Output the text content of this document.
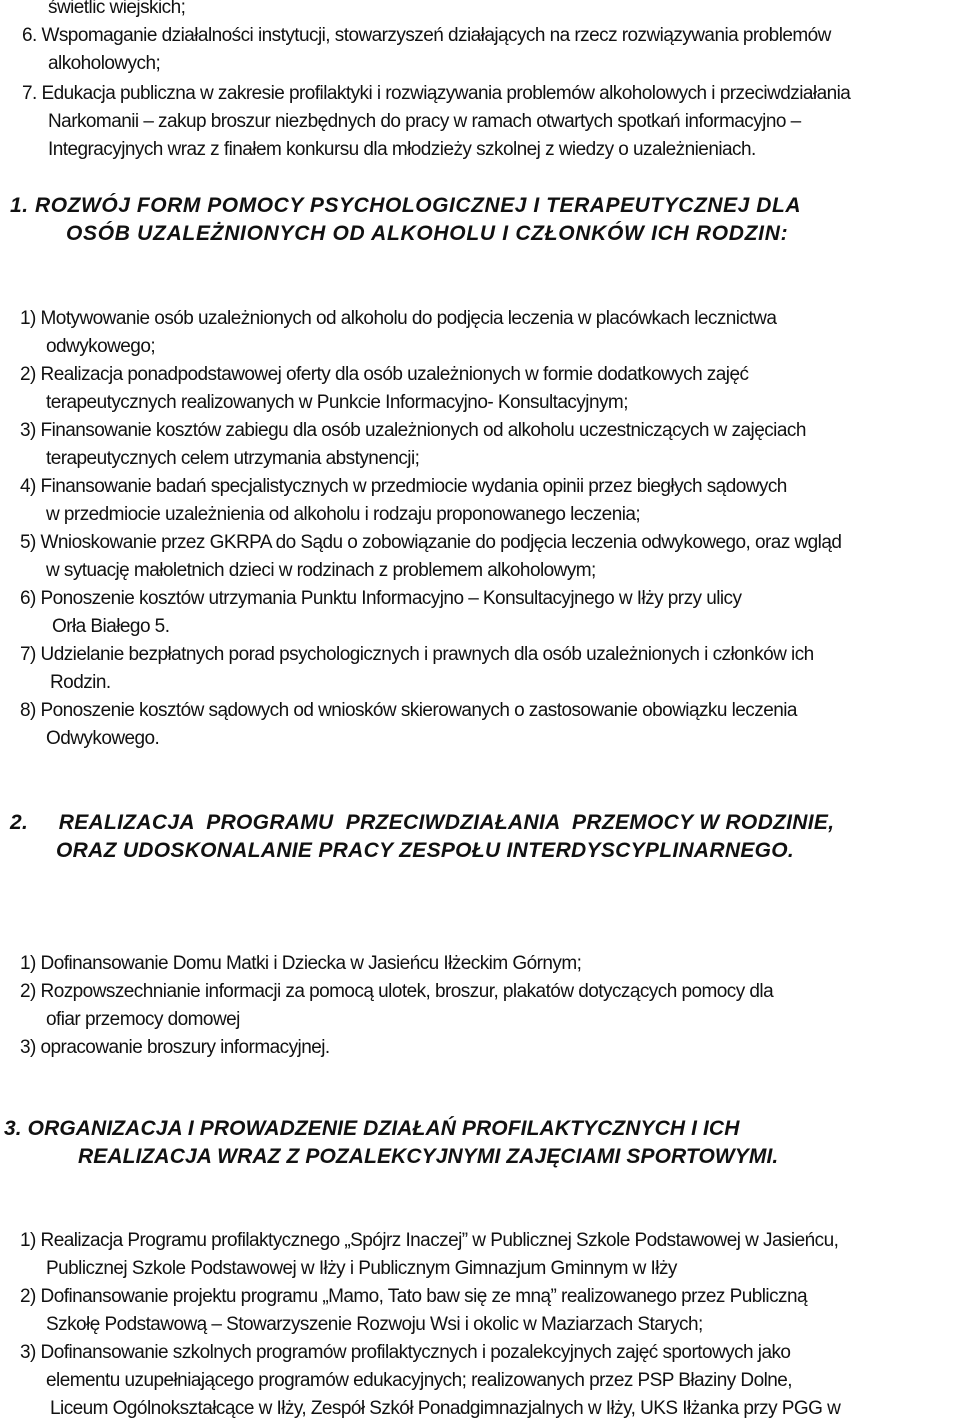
świetlic wiejskich;
6. Wspomaganie działalności instytucji, stowarzyszeń działających na rzecz rozwiązywania problemów
alkoholowych;
7. Edukacja publiczna w zakresie profilaktyki i rozwiązywania problemów alkoholowych i przeciwdziałania
Narkomanii – zakup broszur niezbędnych do pracy w ramach otwartych spotkań informacyjno –
Integracyjnych wraz z finałem konkursu dla młodzieży szkolnej z wiedzy o uzależnieniach.
1. ROZWÓJ FORM POMOCY PSYCHOLOGICZNEJ I TERAPEUTYCZNEJ DLA
OSÓB UZALEŻNIONYCH OD ALKOHOLU I CZŁONKÓW ICH RODZIN:
1) Motywowanie osób uzależnionych od alkoholu do podjęcia leczenia w placówkach lecznictwa
odwykowego;
2) Realizacja ponadpodstawowej oferty dla osób uzależnionych w formie dodatkowych zajęć
terapeutycznych realizowanych w Punkcie Informacyjno- Konsultacyjnym;
3) Finansowanie kosztów zabiegu dla osób uzależnionych od alkoholu uczestniczących w zajęciach
terapeutycznych celem utrzymania abstynencji;
4) Finansowanie badań specjalistycznych w przedmiocie wydania opinii przez biegłych sądowych
w przedmiocie uzależnienia od alkoholu i rodzaju proponowanego leczenia;
5) Wnioskowanie przez GKRPA do Sądu o zobowiązanie do podjęcia leczenia odwykowego, oraz wgląd
w sytuację małoletnich dzieci w rodzinach z problemem alkoholowym;
6) Ponoszenie kosztów utrzymania Punktu Informacyjno – Konsultacyjnego w Iłży przy ulicy
Orła Białego 5.
7) Udzielanie bezpłatnych porad psychologicznych i prawnych dla osób uzależnionych i członków ich
Rodzin.
8) Ponoszenie kosztów sądowych od wniosków skierowanych o zastosowanie obowiązku leczenia
Odwykowego.
2.     REALIZACJA  PROGRAMU  PRZECIWDZIAŁANIA  PRZEMOCY W RODZINIE,
ORAZ UDOSKONALANIE PRACY ZESPOŁU INTERDYSCYPLINARNEGO.
1) Dofinansowanie Domu Matki i Dziecka w Jasieńcu Iłżeckim Górnym;
2) Rozpowszechnianie informacji za pomocą ulotek, broszur, plakatów dotyczących pomocy dla
ofiar przemocy domowej
3) opracowanie broszury informacyjnej.
3. ORGANIZACJA I PROWADZENIE DZIAŁAŃ PROFILAKTYCZNYCH I ICH
REALIZACJA WRAZ Z POZALEKCYJNYMI ZAJĘCIAMI SPORTOWYMI.
1) Realizacja Programu profilaktycznego „Spójrz Inaczej” w Publicznej Szkole Podstawowej w Jasieńcu,
Publicznej Szkole Podstawowej w Iłży i Publicznym Gimnazjum Gminnym w Iłży
2) Dofinansowanie projektu programu „Mamo, Tato baw się ze mną” realizowanego przez Publiczną
Szkołę Podstawową – Stowarzyszenie Rozwoju Wsi i okolic w Maziarzach Starych;
3) Dofinansowanie szkolnych programów profilaktycznych i pozalekcyjnych zajęć sportowych jako
elementu uzupełniającego programów edukacyjnych; realizowanych przez PSP Błaziny Dolne,
Liceum Ogólnokształcące w Iłży, Zespół Szkół Ponadgimnazjalnych w Iłży, UKS Iłżanka przy PGG w
